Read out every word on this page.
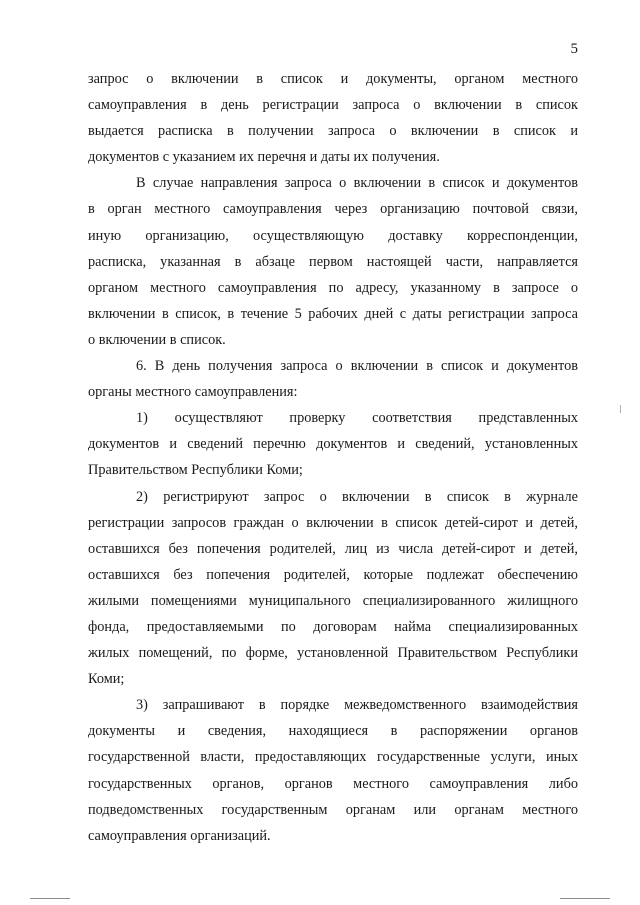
5

запрос о включении в список и документы, органом местного
самоуправления в день регистрации запроса о включении в список
выдается расписка в получении запроса о включении в список и
документов с указанием их перечня и даты их получения.

В случае направления запроса о включении в список и документов
в орган местного самоуправления через организацию почтовой связи,
иную организацию, осуществляющую доставку корреспонденции,
расписка, указанная в абзаце первом настоящей части, направляется
органом местного самоуправления по адресу, указанному в запросе о
включении в список, в течение 5 рабочих дней с даты регистрации запроса
о включении в список.

6. В день получения запроса о включении в список и документов
органы местного самоуправления:

1) осуществляют проверку соответствия представленных
документов и сведений перечню документов и сведений, установленных
Правительством Республики Коми;

2) регистрируют запрос о включении в список в журнале
регистрации запросов граждан о включении в список детей-сирот и детей,
оставшихся без попечения родителей, лиц из числа детей-сирот и детей,
оставшихся без попечения родителей, которые подлежат обеспечению
жилыми помещениями муниципального специализированного жилищного
фонда, предоставляемыми по договорам найма специализированных
жилых помещений, по форме, установленной Правительством Республики
Коми;

3) запрашивают в порядке межведомственного взаимодействия
документы и сведения, находящиеся в распоряжении органов
государственной власти, предоставляющих государственные услуги, иных
государственных органов, органов местного самоуправления либо
подведомственных государственным органам или органам местного
самоуправления организаций.
